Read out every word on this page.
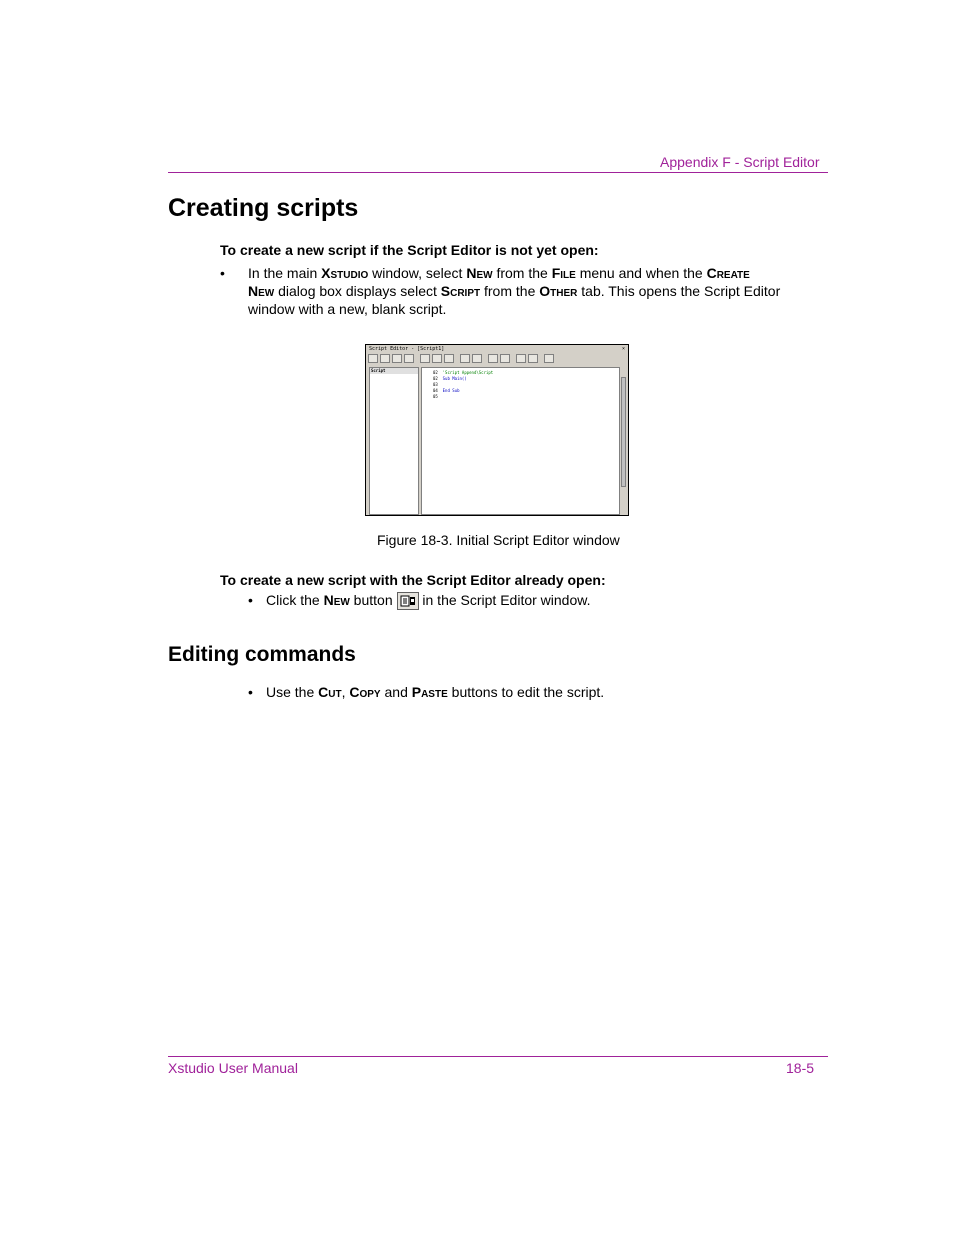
Appendix F - Script Editor
Creating scripts
To create a new script if the Script Editor is not yet open:
• In the main Xstudio window, select New from the File menu and when the Create
New dialog box displays select Script from the Other tab. This opens the Script Editor
window with a new, blank script.
Script Editor - [Script1]	×
Script	02  'Script Append\Script
02  Sub Main()
03
04  End Sub
05
Figure 18-3. Initial Script Editor window
To create a new script with the Script Editor already open:
• Click the New button
in the Script Editor window.
Editing commands
• Use the Cut, Copy and Paste buttons to edit the script.
Xstudio User Manual	18-5
